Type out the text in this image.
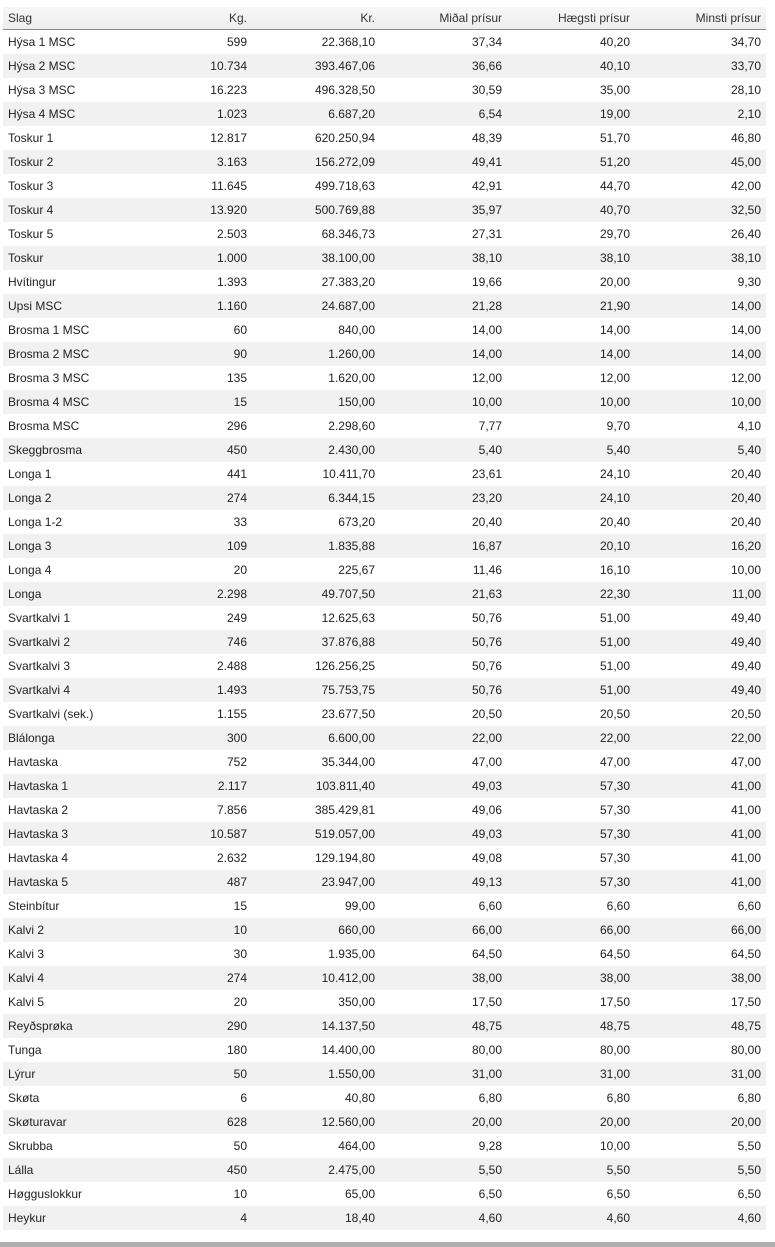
Slag	Kg.	Kr.	Miðal prísur	Hægsti prísur	Minsti prísur
Hýsa 1 MSC	599	22.368,10	37,34	40,20	34,70
Hýsa 2 MSC	10.734	393.467,06	36,66	40,10	33,70
Hýsa 3 MSC	16.223	496.328,50	30,59	35,00	28,10
Hýsa 4 MSC	1.023	6.687,20	6,54	19,00	2,10
Toskur 1	12.817	620.250,94	48,39	51,70	46,80
Toskur 2	3.163	156.272,09	49,41	51,20	45,00
Toskur 3	11.645	499.718,63	42,91	44,70	42,00
Toskur 4	13.920	500.769,88	35,97	40,70	32,50
Toskur 5	2.503	68.346,73	27,31	29,70	26,40
Toskur	1.000	38.100,00	38,10	38,10	38,10
Hvítingur	1.393	27.383,20	19,66	20,00	9,30
Upsi MSC	1.160	24.687,00	21,28	21,90	14,00
Brosma 1 MSC	60	840,00	14,00	14,00	14,00
Brosma 2 MSC	90	1.260,00	14,00	14,00	14,00
Brosma 3 MSC	135	1.620,00	12,00	12,00	12,00
Brosma 4 MSC	15	150,00	10,00	10,00	10,00
Brosma MSC	296	2.298,60	7,77	9,70	4,10
Skeggbrosma	450	2.430,00	5,40	5,40	5,40
Longa 1	441	10.411,70	23,61	24,10	20,40
Longa 2	274	6.344,15	23,20	24,10	20,40
Longa 1-2	33	673,20	20,40	20,40	20,40
Longa 3	109	1.835,88	16,87	20,10	16,20
Longa 4	20	225,67	11,46	16,10	10,00
Longa	2.298	49.707,50	21,63	22,30	11,00
Svartkalvi 1	249	12.625,63	50,76	51,00	49,40
Svartkalvi 2	746	37.876,88	50,76	51,00	49,40
Svartkalvi 3	2.488	126.256,25	50,76	51,00	49,40
Svartkalvi 4	1.493	75.753,75	50,76	51,00	49,40
Svartkalvi (sek.)	1.155	23.677,50	20,50	20,50	20,50
Blálonga	300	6.600,00	22,00	22,00	22,00
Havtaska	752	35.344,00	47,00	47,00	47,00
Havtaska 1	2.117	103.811,40	49,03	57,30	41,00
Havtaska 2	7.856	385.429,81	49,06	57,30	41,00
Havtaska 3	10.587	519.057,00	49,03	57,30	41,00
Havtaska 4	2.632	129.194,80	49,08	57,30	41,00
Havtaska 5	487	23.947,00	49,13	57,30	41,00
Steinbítur	15	99,00	6,60	6,60	6,60
Kalvi 2	10	660,00	66,00	66,00	66,00
Kalvi 3	30	1.935,00	64,50	64,50	64,50
Kalvi 4	274	10.412,00	38,00	38,00	38,00
Kalvi 5	20	350,00	17,50	17,50	17,50
Reyðsprøka	290	14.137,50	48,75	48,75	48,75
Tunga	180	14.400,00	80,00	80,00	80,00
Lýrur	50	1.550,00	31,00	31,00	31,00
Skøta	6	40,80	6,80	6,80	6,80
Skøturavar	628	12.560,00	20,00	20,00	20,00
Skrubba	50	464,00	9,28	10,00	5,50
Lálla	450	2.475,00	5,50	5,50	5,50
Høgguslokkur	10	65,00	6,50	6,50	6,50
Heykur	4	18,40	4,60	4,60	4,60
